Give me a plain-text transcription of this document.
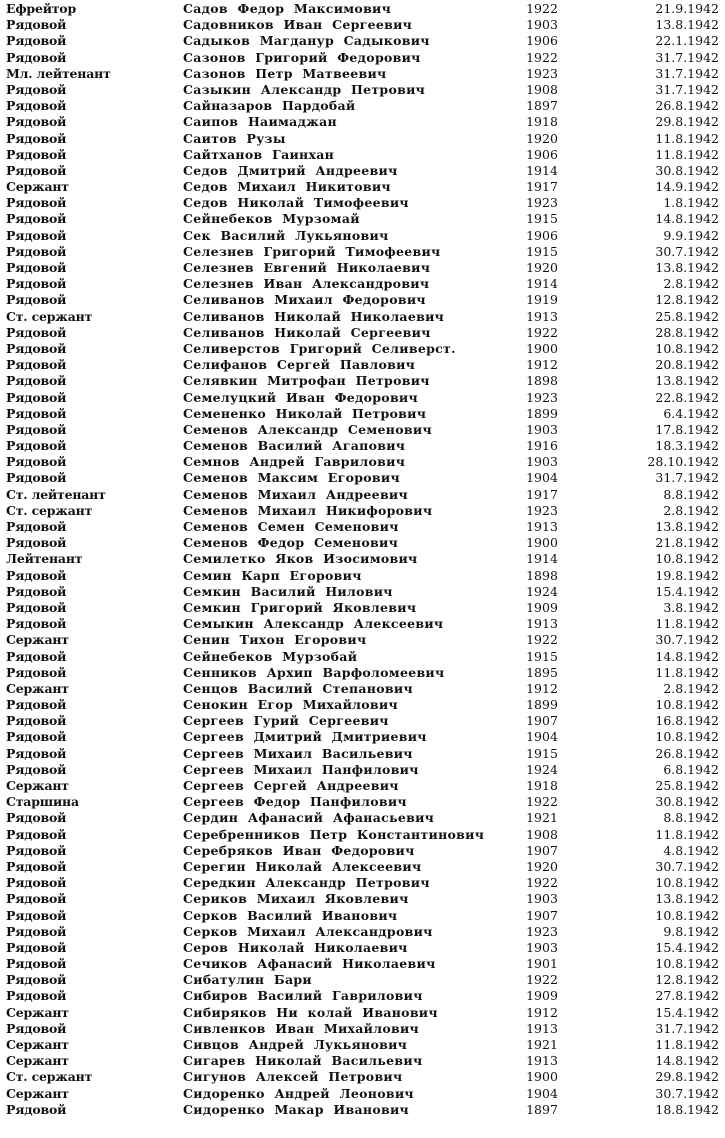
Ефрейтор	Садов Федор Максимович	1922	21.9.1942
Рядовой	Садовников Иван Сергеевич	1903	13.8.1942
Рядовой	Садыков Магдануp Садыкович	1906	22.1.1942
Рядовой	Сазонов Григорий Федорович	1922	31.7.1942
Мл. лейтенант	Сазонов Петр Матвеевич	1923	31.7.1942
Рядовой	Сазыкин Александр Петрович	1908	31.7.1942
Рядовой	Сайназаров Пардобай	1897	26.8.1942
Рядовой	Саипов Наимаджан	1918	29.8.1942
Рядовой	Саитов Рузы	1920	11.8.1942
Рядовой	Сайтханов Гаинхан	1906	11.8.1942
Рядовой	Седов Дмитрий Андреевич	1914	30.8.1942
Сержант	Седов Михаил Никитович	1917	14.9.1942
Рядовой	Седов Николай Тимофеевич	1923	1.8.1942
Рядовой	Сейнебеков Мурзомай	1915	14.8.1942
Рядовой	Сек Василий Лукьянович	1906	9.9.1942
Рядовой	Селезнев Григорий Тимофеевич	1915	30.7.1942
Рядовой	Селезнев Евгений Николаевич	1920	13.8.1942
Рядовой	Селезнев Иван Александрович	1914	2.8.1942
Рядовой	Селиванов Михаил Федорович	1919	12.8.1942
Ст. сержант	Селиванов Николай Николаевич	1913	25.8.1942
Рядовой	Селиванов Николай Сергеевич	1922	28.8.1942
Рядовой	Селиверстов Григорий Селиверст.	1900	10.8.1942
Рядовой	Селифанов Сергей Павлович	1912	20.8.1942
Рядовой	Селявкин Митрофан Петрович	1898	13.8.1942
Рядовой	Семелуцкий Иван Федорович	1923	22.8.1942
Рядовой	Семененко Николай Петрович	1899	6.4.1942
Рядовой	Семенов Александр Семенович	1903	17.8.1942
Рядовой	Семенов Василий Агапович	1916	18.3.1942
Рядовой	Семнов Андрей Гаврилович	1903	28.10.1942
Рядовой	Семенов Максим Егорович	1904	31.7.1942
Ст. лейтенант	Семенов Михаил Андреевич	1917	8.8.1942
Ст. сержант	Семенов Михаил Никифорович	1923	2.8.1942
Рядовой	Семенов Семен Семенович	1913	13.8.1942
Рядовой	Семенов Федор Семенович	1900	21.8.1942
Лейтенант	Семилетко Яков Изосимович	1914	10.8.1942
Рядовой	Семин Карп Егорович	1898	19.8.1942
Рядовой	Семкин Василий Нилович	1924	15.4.1942
Рядовой	Семкин Григорий Яковлевич	1909	3.8.1942
Рядовой	Семыкин Александр Алексеевич	1913	11.8.1942
Сержант	Сенин Тихон Егорович	1922	30.7.1942
Рядовой	Сейнебеков Мурзобай	1915	14.8.1942
Рядовой	Сенников Архип Варфоломеевич	1895	11.8.1942
Сержант	Сенцов Василий Степанович	1912	2.8.1942
Рядовой	Сенокин Егор Михайлович	1899	10.8.1942
Рядовой	Сергеев Гурий Сергеевич	1907	16.8.1942
Рядовой	Сергеев Дмитрий Дмитриевич	1904	10.8.1942
Рядовой	Сергеев Михаил Васильевич	1915	26.8.1942
Рядовой	Сергеев Михаил Панфилович	1924	6.8.1942
Сержант	Сергеев Сергей Андреевич	1918	25.8.1942
Старшина	Сергеев Федор Панфилович	1922	30.8.1942
Рядовой	Сердин Афанасий Афанасьевич	1921	8.8.1942
Рядовой	Серебренников Петр Константинович	1908	11.8.1942
Рядовой	Серебряков Иван Федорович	1907	4.8.1942
Рядовой	Серегин Николай Алексеевич	1920	30.7.1942
Рядовой	Середкин Александр Петрович	1922	10.8.1942
Рядовой	Сериков Михаил Яковлевич	1903	13.8.1942
Рядовой	Серков Василий Иванович	1907	10.8.1942
Рядовой	Серков Михаил Александрович	1923	9.8.1942
Рядовой	Серов Николай Николаевич	1903	15.4.1942
Рядовой	Сечиков Афанасий Николаевич	1901	10.8.1942
Рядовой	Сибатулин Бари	1922	12.8.1942
Рядовой	Сибиров Василий Гаврилович	1909	27.8.1942
Сержант	Сибиряков Ни колай Иванович	1912	15.4.1942
Рядовой	Сивленков Иван Михайлович	1913	31.7.1942
Сержант	Сивцов Андрей Лукьянович	1921	11.8.1942
Сержант	Сигарев Николай Васильевич	1913	14.8.1942
Ст. сержант	Сигунов Алексей Петрович	1900	29.8.1942
Сержант	Сидоренко Андрей Леонович	1904	30.7.1942
Рядовой	Сидоренко Макар Иванович	1897	18.8.1942
